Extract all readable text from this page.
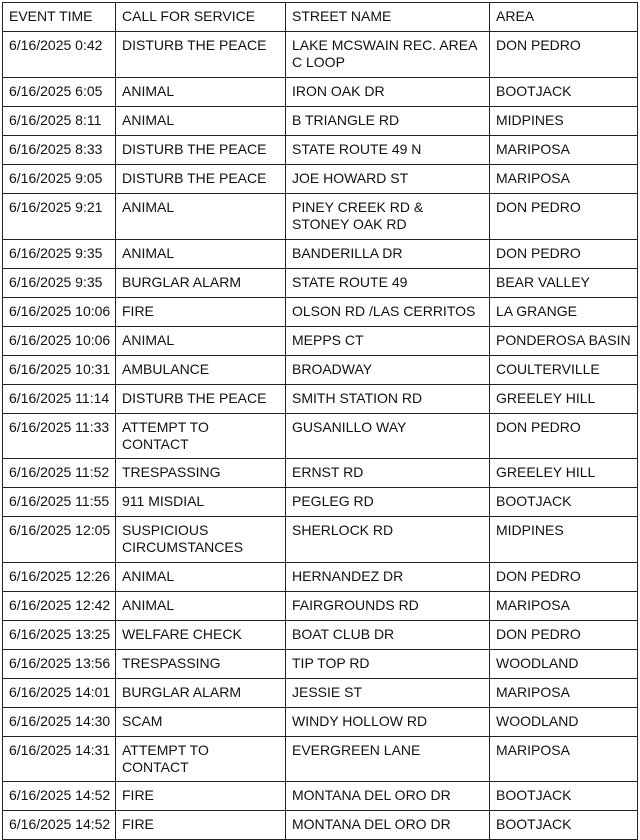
EVENT TIME	CALL FOR SERVICE	STREET NAME	AREA
6/16/2025 0:42	DISTURB THE PEACE	LAKE MCSWAIN REC. AREA C LOOP	DON PEDRO
6/16/2025 6:05	ANIMAL	IRON OAK DR	BOOTJACK
6/16/2025 8:11	ANIMAL	B TRIANGLE RD	MIDPINES
6/16/2025 8:33	DISTURB THE PEACE	STATE ROUTE 49 N	MARIPOSA
6/16/2025 9:05	DISTURB THE PEACE	JOE HOWARD ST	MARIPOSA
6/16/2025 9:21	ANIMAL	PINEY CREEK RD & STONEY OAK RD	DON PEDRO
6/16/2025 9:35	ANIMAL	BANDERILLA DR	DON PEDRO
6/16/2025 9:35	BURGLAR ALARM	STATE ROUTE 49	BEAR VALLEY
6/16/2025 10:06	FIRE	OLSON RD /LAS CERRITOS	LA GRANGE
6/16/2025 10:06	ANIMAL	MEPPS CT	PONDEROSA BASIN
6/16/2025 10:31	AMBULANCE	BROADWAY	COULTERVILLE
6/16/2025 11:14	DISTURB THE PEACE	SMITH STATION RD	GREELEY HILL
6/16/2025 11:33	ATTEMPT TO CONTACT	GUSANILLO WAY	DON PEDRO
6/16/2025 11:52	TRESPASSING	ERNST RD	GREELEY HILL
6/16/2025 11:55	911 MISDIAL	PEGLEG RD	BOOTJACK
6/16/2025 12:05	SUSPICIOUS CIRCUMSTANCES	SHERLOCK RD	MIDPINES
6/16/2025 12:26	ANIMAL	HERNANDEZ DR	DON PEDRO
6/16/2025 12:42	ANIMAL	FAIRGROUNDS RD	MARIPOSA
6/16/2025 13:25	WELFARE CHECK	BOAT CLUB DR	DON PEDRO
6/16/2025 13:56	TRESPASSING	TIP TOP RD	WOODLAND
6/16/2025 14:01	BURGLAR ALARM	JESSIE ST	MARIPOSA
6/16/2025 14:30	SCAM	WINDY HOLLOW RD	WOODLAND
6/16/2025 14:31	ATTEMPT TO CONTACT	EVERGREEN LANE	MARIPOSA
6/16/2025 14:52	FIRE	MONTANA DEL ORO DR	BOOTJACK
6/16/2025 14:52	FIRE	MONTANA DEL ORO DR	BOOTJACK
